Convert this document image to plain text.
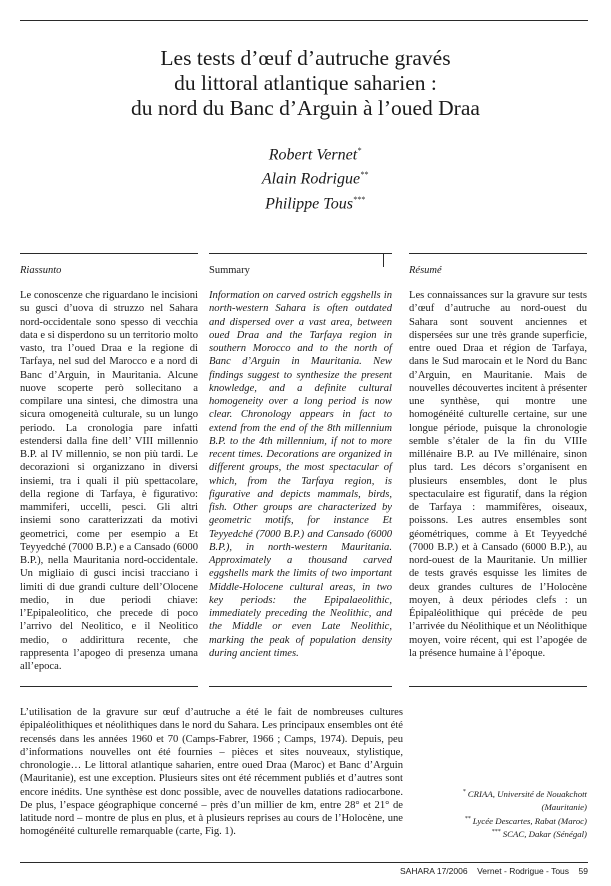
Les tests d’œuf d’autruche gravés
du littoral atlantique saharien :
du nord du Banc d’Arguin à l’oued Draa
Robert Vernet*
Alain Rodrigue**
Philippe Tous***
Riassunto

Le conoscenze che riguardano le incisioni su gusci d’uova di struzzo nel Sahara nord-occidentale sono spesso di vecchia data e si disperdono su un territorio molto vasto, tra l’oued Draa e la regione di Tarfaya, nel sud del Marocco e a nord di Banc d’Arguin, in Mauritania. Alcune nuove scoperte però sollecitano a compilare una sintesi, che dimostra una sicura omogeneità culturale, su un lungo periodo. La cronologia pare infatti estendersi dalla fine dell’ VIII millennio B.P. al IV millennio, se non più tardi. Le decorazioni si organizzano in diversi insiemi, tra i quali il più spettacolare, della regione di Tarfaya, è figurativo: mammiferi, uccelli, pesci. Gli altri insiemi sono caratterizzati da motivi geometrici, come per esempio a Et Teyyedché (7000 B.P.) e a Cansado (6000 B.P.), nella Mauritania nord-occidentale. Un migliaio di gusci incisi tracciano i limiti di due grandi culture dell’Olocene medio, in due periodi chiave: l’Epipaleolitico, che precede di poco l’arrivo del Neolitico, e il Neolitico medio, o addirittura recente, che rappresenta l’apogeo di presenza umana all’epoca.

Summary

Information on carved ostrich eggshells in north-western Sahara is often outdated and dispersed over a vast area, between oued Draa and the Tarfaya region in southern Morocco and to the north of Banc d’Arguin in Mauritania. New findings suggest to synthesize the present knowledge, and a definite cultural homogeneity over a long period is now clear. Chronology appears in fact to extend from the end of the 8th millennium B.P. to the 4th millennium, if not to more recent times. Decorations are organized in different groups, the most spectacular of which, from the Tarfaya region, is figurative and depicts mammals, birds, fish. Other groups are characterized by geometric motifs, for instance Et Teyyedché (7000 B.P.) and Cansado (6000 B.P.), in north-western Mauritania. Approximately a thousand carved eggshells mark the limits of two important Middle-Holocene cultural areas, in two key periods: the Epipalaeolithic, immediately preceding the Neolithic, and the Middle or even Late Neolithic, marking the peak of population density during ancient times.

Résumé

Les connaissances sur la gravure sur tests d’œuf d’autruche au nord-ouest du Sahara sont souvent anciennes et dispersées sur une très grande superficie, entre oued Draa et région de Tarfaya, dans le Sud marocain et le Nord du Banc d’Arguin, en Mauritanie. Mais de nouvelles découvertes incitent à présenter une synthèse, qui montre une homogénéité culturelle certaine, sur une longue période, puisque la chronologie semble s’étaler de la fin du VIIIe millénaire B.P. au IVe millénaire, sinon plus tard. Les décors s’organisent en plusieurs ensembles, dont le plus spectaculaire est figuratif, dans la région de Tarfaya : mammifères, oiseaux, poissons. Les autres ensembles sont géométriques, comme à Et Teyyedché (7000 B.P.) et à Cansado (6000 B.P.), au nord-ouest de la Mauritanie. Un millier de tests gravés esquisse les limites de deux grandes cultures de l’Holocène moyen, à deux périodes clefs : un Épipaléolithique qui précède de peu l’arrivée du Néolithique et un Néolithique moyen, voire récent, qui est l’apogée de la présence humaine à l’époque.

L’utilisation de la gravure sur œuf d’autruche a été le fait de nombreuses cultures épipaléolithiques et néolithiques dans le nord du Sahara. Les principaux ensembles ont été recensés dans les années 1960 et 70 (Camps-Fabrer, 1966 ; Camps, 1974). Depuis, peu d’informations nouvelles ont été fournies – pièces et sites nouveaux, stylistique, chronologie… Le littoral atlantique saharien, entre oued Draa (Maroc) et Banc d’Arguin (Mauritanie), est une exception. Plusieurs sites ont été récemment publiés et d’autres sont encore inédits. Une synthèse est donc possible, avec de nouvelles datations radiocarbone. De plus, l’espace géographique concerné – près d’un millier de km, entre 28° et 21° de latitude nord – montre de plus en plus, et à plusieurs reprises au cours de l’Holocène, une homogénéité culturelle remarquable (carte, Fig. 1).

* CRIAA, Université de Nouakchott
(Mauritanie)
** Lycée Descartes, Rabat (Maroc)
*** SCAC, Dakar (Sénégal)
SAHARA 17/2006 Vernet - Rodrigue - Tous 59
